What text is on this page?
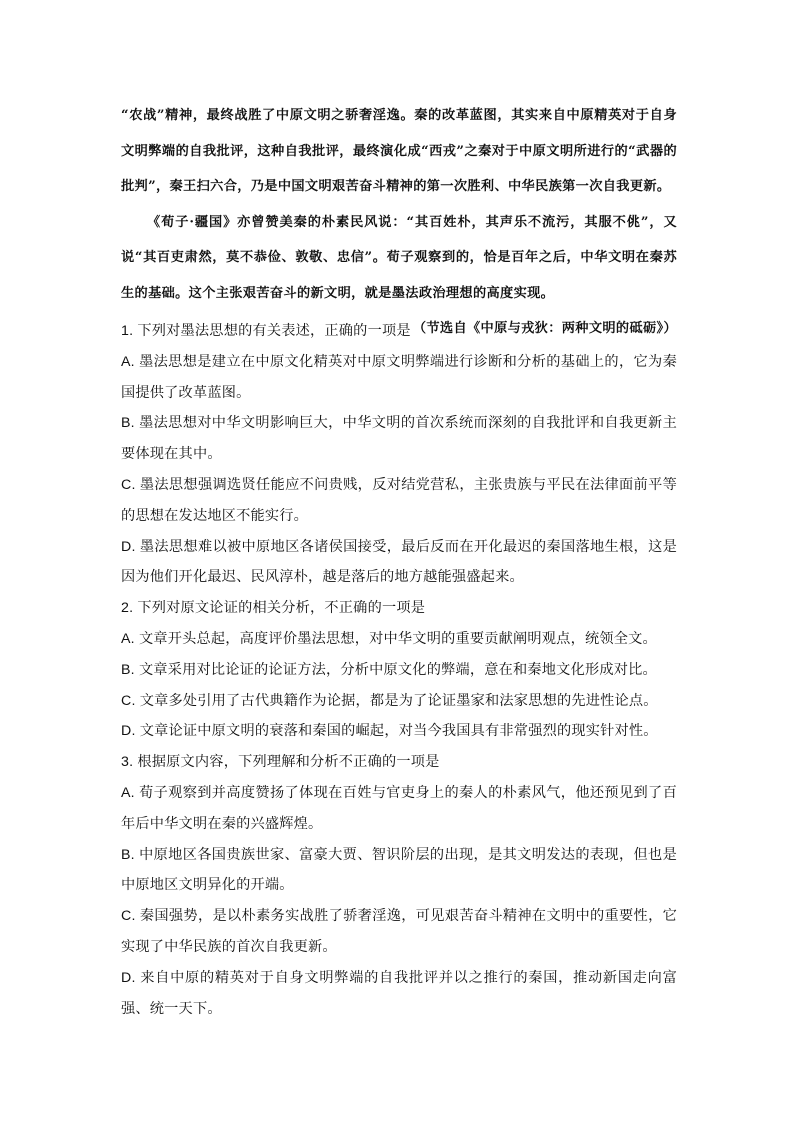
“农战”精神，最终战胜了中原文明之骄奢淫逸。秦的改革蓝图，其实来自中原精英对于自身文明弊端的自我批评，这种自我批评，最终演化成“西戎”之秦对于中原文明所进行的“武器的批判”，秦王扫六合，乃是中国文明艰苦奋斗精神的第一次胜利、中华民族第一次自我更新。

《荀子·疆国》亦曾赞美秦的朴素民风说：“其百姓朴，其声乐不流污，其服不佻”，又说“其百吏肃然，莫不恭俭、敦敬、忠信”。荀子观察到的，恰是百年之后，中华文明在秦苏生的基础。这个主张艰苦奋斗的新文明，就是墨法政治理想的高度实现。

（节选自《中原与戎狄：两种文明的砥砺》）

1. 下列对墨法思想的有关表述，正确的一项是

A. 墨法思想是建立在中原文化精英对中原文明弊端进行诊断和分析的基础上的，它为秦国提供了改革蓝图。

B. 墨法思想对中华文明影响巨大，中华文明的首次系统而深刻的自我批评和自我更新主要体现在其中。

C. 墨法思想强调选贤任能应不问贵贱，反对结党营私，主张贵族与平民在法律面前平等的思想在发达地区不能实行。

D. 墨法思想难以被中原地区各诸侯国接受，最后反而在开化最迟的秦国落地生根，这是因为他们开化最迟、民风淳朴，越是落后的地方越能强盛起来。

2. 下列对原文论证的相关分析，不正确的一项是

A. 文章开头总起，高度评价墨法思想，对中华文明的重要贡献阐明观点，统领全文。

B. 文章采用对比论证的论证方法，分析中原文化的弊端，意在和秦地文化形成对比。

C. 文章多处引用了古代典籍作为论据，都是为了论证墨家和法家思想的先进性论点。

D. 文章论证中原文明的衰落和秦国的崛起，对当今我国具有非常强烈的现实针对性。

3. 根据原文内容，下列理解和分析不正确的一项是

A. 荀子观察到并高度赞扬了体现在百姓与官吏身上的秦人的朴素风气，他还预见到了百年后中华文明在秦的兴盛辉煌。

B. 中原地区各国贵族世家、富豪大贾、智识阶层的出现，是其文明发达的表现，但也是中原地区文明异化的开端。

C. 秦国强势，是以朴素务实战胜了骄奢淫逸，可见艰苦奋斗精神在文明中的重要性，它实现了中华民族的首次自我更新。

D. 来自中原的精英对于自身文明弊端的自我批评并以之推行的秦国，推动新国走向富强、统一天下。
